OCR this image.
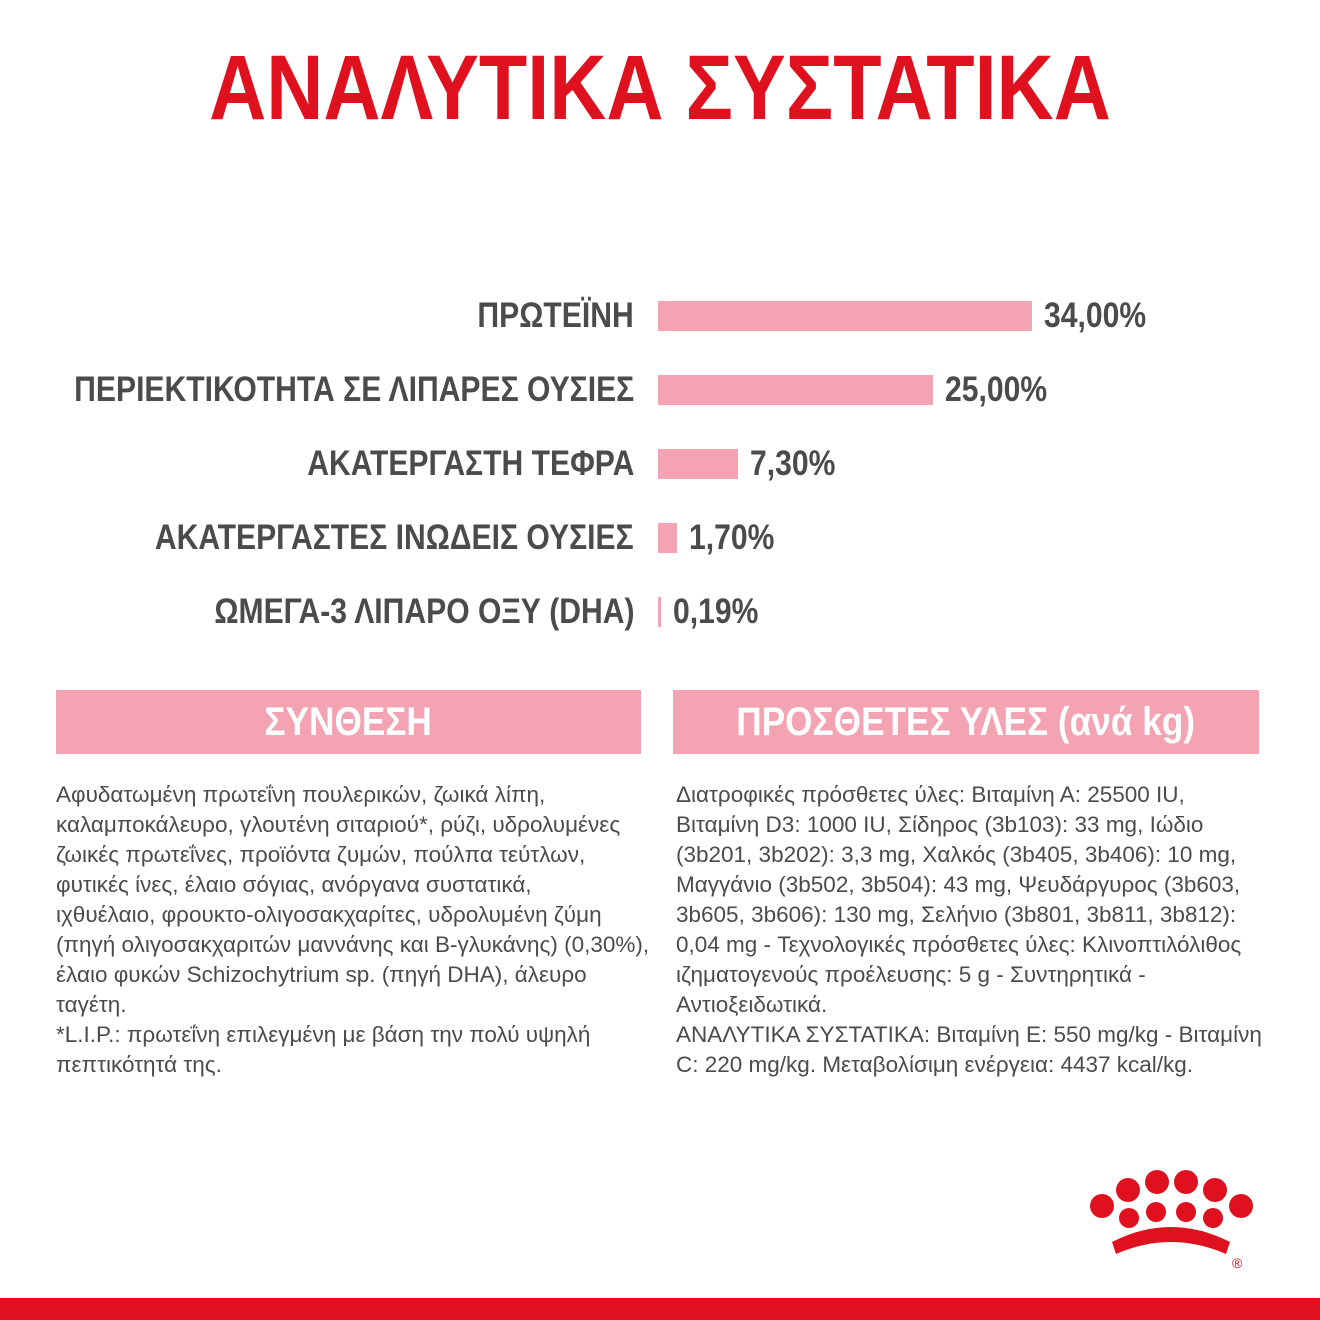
ΑΝΑΛΥΤΙΚΑ ΣΥΣΤΑΤΙΚΑ
ΠΡΩΤΕΪΝΗ	34,00%
ΠΕΡΙΕΚΤΙΚΟΤΗΤΑ ΣΕ ΛΙΠΑΡΕΣ ΟΥΣΙΕΣ	25,00%
ΑΚΑΤΕΡΓΑΣΤΗ ΤΕΦΡΑ	7,30%
ΑΚΑΤΕΡΓΑΣΤΕΣ ΙΝΩΔΕΙΣ ΟΥΣΙΕΣ 1,70%
ΩΜΕΓΑ-3 ΛΙΠΑΡΟ ΟΞΥ (DHA) 0,19%
ΣΥΝΘΕΣΗ
Αφυδατωμένη πρωτεΐνη πουλερικών, ζωικά λίπη,
καλαμποκάλευρο, γλουτένη σιταριού*, ρύζι, υδρολυμένες
ζωικές πρωτεΐνες, προϊόντα ζυμών, πούλπα τεύτλων,
φυτικές ίνες, έλαιο σόγιας, ανόργανα συστατικά,
ιχθυέλαιο, φρουκτο-ολιγοσακχαρίτες, υδρολυμένη ζύμη
(πηγή ολιγοσακχαριτών μαννάνης και Β-γλυκάνης) (0,30%),
έλαιο φυκών Schizochytrium sp. (πηγή DHA), άλευρο
ταγέτη.
*L.I.P.: πρωτεΐνη επιλεγμένη με βάση την πολύ υψηλή
πεπτικότητά της.
ΠΡΟΣΘΕΤΕΣ ΥΛΕΣ (ανά kg)
Διατροφικές πρόσθετες ύλες: Βιταμίνη Α: 25500 IU,
Βιταμίνη D3: 1000 IU, Σίδηρος (3b103): 33 mg, Ιώδιο
(3b201, 3b202): 3,3 mg, Χαλκός (3b405, 3b406): 10 mg,
Μαγγάνιο (3b502, 3b504): 43 mg, Ψευδάργυρος (3b603,
3b605, 3b606): 130 mg, Σελήνιο (3b801, 3b811, 3b812):
0,04 mg - Τεχνολογικές πρόσθετες ύλες: Κλινοπτιλόλιθος
ιζηματογενούς προέλευσης: 5 g - Συντηρητικά -
Αντιοξειδωτικά.
ΑΝΑΛΥΤΙΚΑ ΣΥΣΤΑΤΙΚΑ: Βιταμίνη Ε: 550 mg/kg - Βιταμίνη
C: 220 mg/kg. Μεταβολίσιμη ενέργεια: 4437 kcal/kg.
®
